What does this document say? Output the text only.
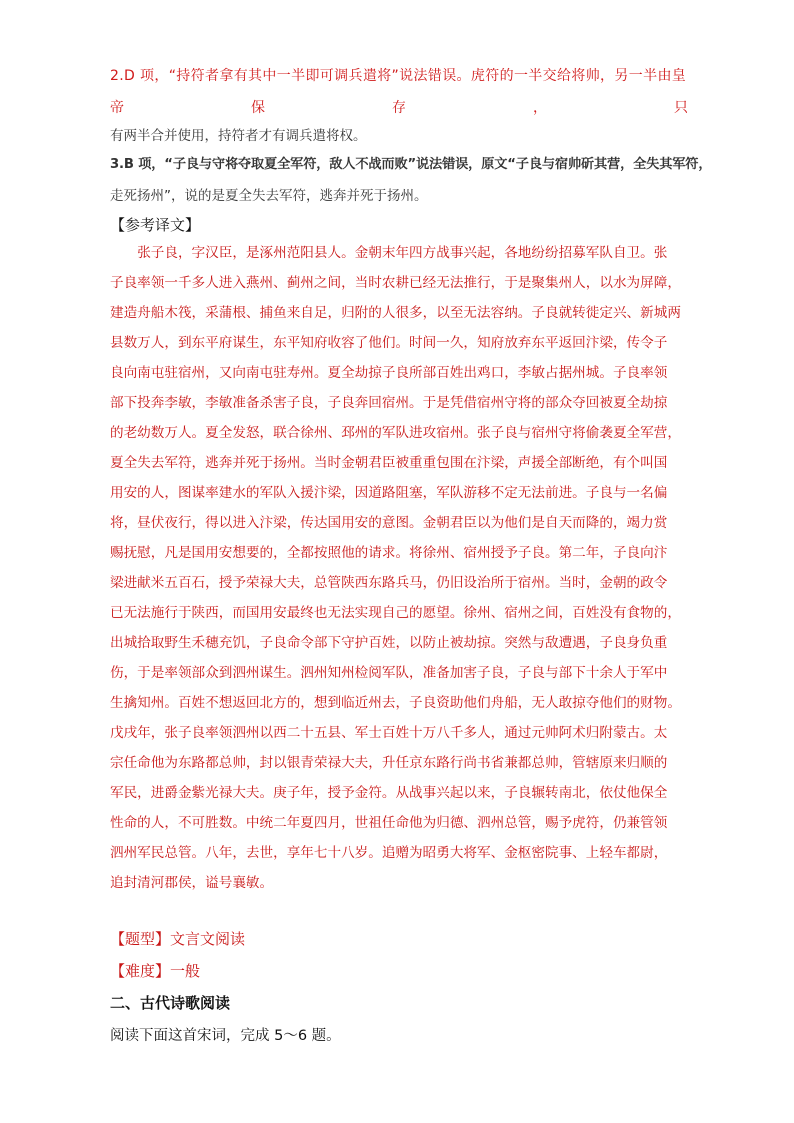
2.D 项，“持符者拿有其中一半即可调兵遣将”说法错误。虎符的一半交给将帅，另一半由皇
帝	保	存	，	只
有两半合并使用，持符者才有调兵遣将权。
3.B 项，“子良与守将夺取夏全军符，敌人不战而败”说法错误，原文“子良与宿帅斫其营，全失其军符，
走死扬州”，说的是夏全失去军符，逃奔并死于扬州。
【参考译文】
张子良，字汉臣，是涿州范阳县人。金朝末年四方战事兴起，各地纷纷招募军队自卫。张
子良率领一千多人进入燕州、蓟州之间，当时农耕已经无法推行，于是聚集州人，以水为屏障，
建造舟船木筏，采蒲根、捕鱼来自足，归附的人很多，以至无法容纳。子良就转徙定兴、新城两
县数万人，到东平府谋生，东平知府收容了他们。时间一久，知府放弃东平返回汴梁，传令子
良向南屯驻宿州，又向南屯驻寿州。夏全劫掠子良所部百姓出鸡口，李敏占据州城。子良率领
部下投奔李敏，李敏准备杀害子良，子良奔回宿州。于是凭借宿州守将的部众夺回被夏全劫掠
的老幼数万人。夏全发怒，联合徐州、邳州的军队进攻宿州。张子良与宿州守将偷袭夏全军营，
夏全失去军符，逃奔并死于扬州。当时金朝君臣被重重包围在汴梁，声援全部断绝，有个叫国
用安的人，图谋率建水的军队入援汴梁，因道路阻塞，军队游移不定无法前进。子良与一名偏
将，昼伏夜行，得以进入汴梁，传达国用安的意图。金朝君臣以为他们是自天而降的，竭力赏
赐抚慰，凡是国用安想要的，全都按照他的请求。将徐州、宿州授予子良。第二年，子良向汴
梁进献米五百石，授予荣禄大夫，总管陕西东路兵马，仍旧设治所于宿州。当时，金朝的政令
已无法施行于陕西，而国用安最终也无法实现自己的愿望。徐州、宿州之间，百姓没有食物的，
出城拾取野生禾穗充饥，子良命令部下守护百姓，以防止被劫掠。突然与敌遭遇，子良身负重
伤，于是率领部众到泗州谋生。泗州知州检阅军队，准备加害子良，子良与部下十余人于军中
生擒知州。百姓不想返回北方的，想到临近州去，子良资助他们舟船，无人敢掠夺他们的财物。
戊戌年，张子良率领泗州以西二十五县、军士百姓十万八千多人，通过元帅阿术归附蒙古。太
宗任命他为东路都总帅，封以银青荣禄大夫，升任京东路行尚书省兼都总帅，管辖原来归顺的
军民，进爵金紫光禄大夫。庚子年，授予金符。从战事兴起以来，子良辗转南北，依仗他保全
性命的人，不可胜数。中统二年夏四月，世祖任命他为归德、泗州总管，赐予虎符，仍兼管领
泗州军民总管。八年，去世，享年七十八岁。追赠为昭勇大将军、金枢密院事、上轻车都尉，
追封清河郡侯，谥号襄敏。
【题型】文言文阅读
【难度】一般
二、古代诗歌阅读
阅读下面这首宋词，完成 5～6 题。
